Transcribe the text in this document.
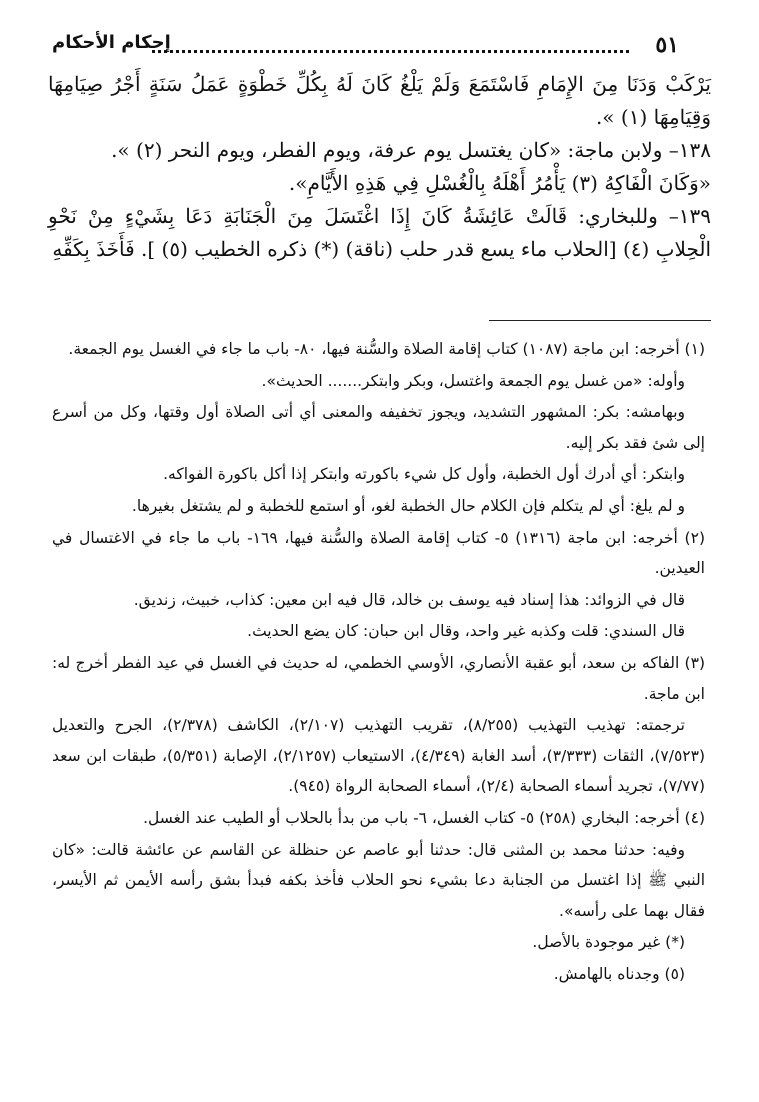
٥١
إحكام الأحكام

يَرْكَبْ وَدَنَا مِنَ الإِمَامِ فَاسْتَمَعَ وَلَمْ يَلْغُ كَانَ لَهُ بِكُلِّ خَطْوَةٍ عَمَلُ سَنَةٍ أَجْرُ صِيَامِهَا وَقِيَامِهَا (١) ».

١٣٨– ولابن ماجة: «كان يغتسل يوم عرفة، ويوم الفطر، ويوم النحر (٢) ».

«وَكَانَ الْفَاكِهُ (٣) يَأْمُرُ أَهْلَهُ بِالْغُسْلِ فِي هَذِهِ الأَيَّامِ».

١٣٩– وللبخاري: قَالَتْ عَائِشَةُ كَانَ إِذَا اغْتَسَلَ مِنَ الْجَنَابَةِ دَعَا بِشَيْءٍ مِنْ نَحْوِ الْحِلابِ (٤) [الحلاب ماء يسع قدر حلب (ناقة) (*) ذكره الخطيب (٥) ]. فَأَخَذَ بِكَفِّهِ

(١) أخرجه: ابن ماجة (١٠٨٧) كتاب إقامة الصلاة والسُّنة فيها، ٨٠- باب ما جاء في الغسل يوم الجمعة.

وأوله: «من غسل يوم الجمعة واغتسل، وبكر وابتكر....... الحديث».

وبهامشه: بكر: المشهور التشديد، ويجوز تخفيفه والمعنى أي أتى الصلاة أول وقتها، وكل من أسرع إلى شئ فقد بكر إليه.

وابتكر: أي أدرك أول الخطبة، وأول كل شيء باكورته وابتكر إذا أكل باكورة الفواكه.

و لم يلغ: أي لم يتكلم فإن الكلام حال الخطبة لغو، أو استمع للخطبة و لم يشتغل بغيرها.

(٢) أخرجه: ابن ماجة (١٣١٦) ٥- كتاب إقامة الصلاة والسُّنة فيها، ١٦٩- باب ما جاء في الاغتسال في العيدين.

قال في الزوائد: هذا إسناد فيه يوسف بن خالد، قال فيه ابن معين: كذاب، خبيث، زنديق.

قال السندي: قلت وكذبه غير واحد، وقال ابن حبان: كان يضع الحديث.

(٣) الفاكه بن سعد، أبو عقبة الأنصاري، الأوسي الخطمي، له حديث في الغسل في عيد الفطر أخرج له: ابن ماجة.

ترجمته: تهذيب التهذيب (٨/٢٥٥)، تقريب التهذيب (٢/١٠٧)، الكاشف (٢/٣٧٨)، الجرح والتعديل (٧/٥٢٣)، الثقات (٣/٣٣٣)، أسد الغابة (٤/٣٤٩)، الاستيعاب (٢/١٢٥٧)، الإصابة (٥/٣٥١)، طبقات ابن سعد (٧/٧٧)، تجريد أسماء الصحابة (٢/٤)، أسماء الصحابة الرواة (٩٤٥).

(٤) أخرجه: البخاري (٢٥٨) ٥- كتاب الغسل، ٦- باب من بدأ بالحلاب أو الطيب عند الغسل.

وفيه: حدثنا محمد بن المثنى قال: حدثنا أبو عاصم عن حنظلة عن القاسم عن عائشة قالت: «كان النبي ﷺ إذا اغتسل من الجنابة دعا بشيء نحو الحلاب فأخذ بكفه فبدأ بشق رأسه الأيمن ثم الأيسر، فقال بهما على رأسه».

(*) غير موجودة بالأصل.

(٥) وجدناه بالهامش.
